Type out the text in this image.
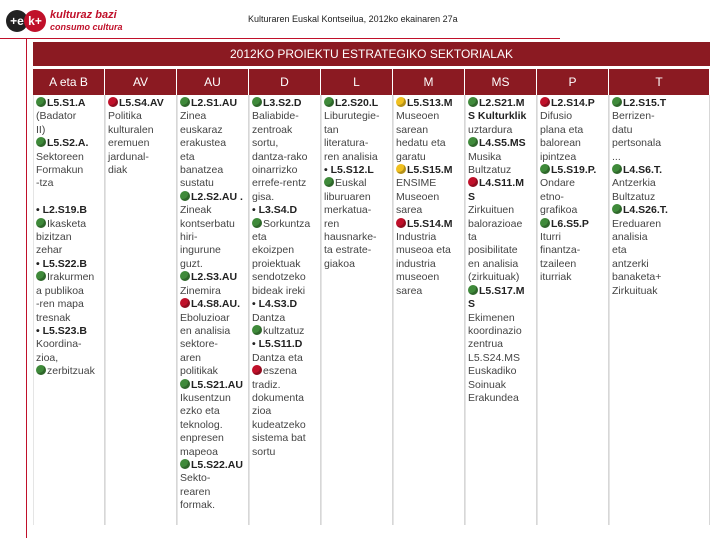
+e k+ kulturaz bazi
consumo cultura
Kulturaren Euskal Kontseilua, 2012ko ekainaren 27a
2012KO PROIEKTU ESTRATEGIKO SEKTORIALAK
A eta B
L5.S1.A
(Badator
II)
L5.S2.A.
Sektoreen
Formakun
-tza

• L2.S19.B
Ikasketa
bizitzan
zehar
• L5.S22.B
Irakurmen
a publikoa
-ren mapa
tresnak
• L5.S23.B
Koordina-
zioa,
zerbitzuak
AV
L5.S4.AV
Politika
kulturalen
eremuen
jardunal-
diak
AU
L2.S1.AU
Zinea
euskaraz
erakustea
eta
banatzea
sustatu
L2.S2.AU .
Zineak
kontserbatu
hiri-
ingurune
guzt.
L2.S3.AU
Zinemira
L4.S8.AU.
Eboluzioar
en analisia
sektore-
aren
politikak
L5.S21.AU
Ikusentzun
ezko eta
teknolog.
enpresen
mapeoa
L5.S22.AU
Sekto-
rearen
formak.
D
L3.S2.D
Baliabide-
zentroak
sortu,
dantza-rako
oinarrizko
errefe-rentz
gisa.
• L3.S4.D
Sorkuntza
eta
ekoizpen
proiektuak
sendotzeko
bideak ireki
• L4.S3.D
Dantza
kultzatuz
• L5.S11.D
Dantza eta
eszena
tradiz.
dokumenta
zioa
kudeatzeko
sistema bat
sortu
L
L2.S20.L
Liburutegie-
tan
literatura-
ren analisia
• L5.S12.L
Euskal
liburuaren
merkatua-
ren
hausnarke-
ta estrate-
giakoa
M
L5.S13.M
Museoen
sarean
hedatu eta
garatu
L5.S15.M
ENSIME
Museoen
sarea
L5.S14.M
Industria
museoa eta
industria
museoen
sarea
MS
L2.S21.M
S Kulturklik
uztardura
L4.S5.MS
Musika
Bultzatuz
L4.S11.M
S
Zirkuituen
balorazioae
ta
posibilitate
en analisia
(zirkuituak)
L5.S17.M
S
Ekimenen
koordinazio
zentrua
L5.S24.MS
Euskadiko
Soinuak
Erakundea
P
L2.S14.P
Difusio
plana eta
balorean
ipintzea
L5.S19.P.
Ondare
etno-
grafikoa
L6.S5.P
Iturri
finantza-
tzaileen
iturriak
T
L2.S15.T
Berrizen-
datu
pertsonala
...
L4.S6.T.
Antzerkia
Bultzatuz
L4.S26.T.
Ereduaren
analisia
eta
antzerki
banaketa+
Zirkuituak
